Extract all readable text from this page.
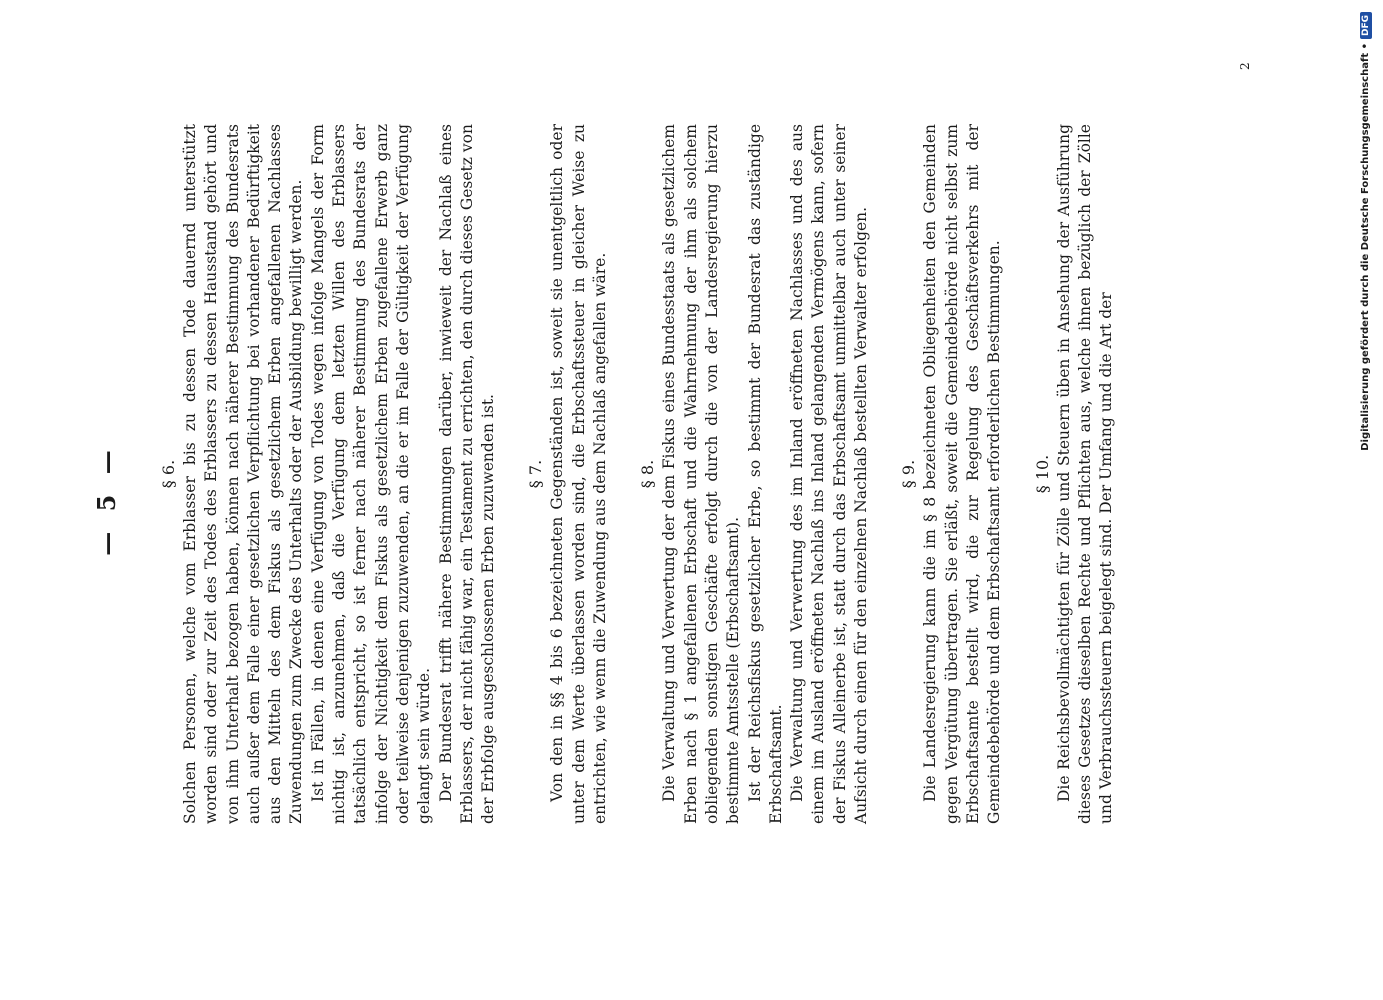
— 5 — § 6. Solchen Personen, welche vom Erblasser bis zu dessen Tode dauernd unterstützt worden sind oder zur Zeit des Todes des Erblassers zu dessen Hausstand gehört und von ihm Unterhalt bezogen haben, können nach näherer Bestimmung des Bundesrats auch außer dem Falle einer gesetzlichen Verpflichtung bei vorhandener Bedürftigkeit aus den Mitteln des dem Fiskus als gesetzlichem Erben angefallenen Nachlasses Zuwendungen zum Zwecke des Unterhalts oder der Ausbildung bewilligt werden. Ist in Fällen, in denen eine Verfügung von Todes wegen infolge Mangels der Form nichtig ist, anzunehmen, daß die Verfügung dem letzten Willen des Erblassers tatsächlich entspricht, so ist ferner nach näherer Bestimmung des Bundesrats der infolge der Nichtigkeit dem Fiskus als gesetzlichem Erben zugefallene Erwerb ganz oder teilweise denjenigen zuzuwenden, an die er im Falle der Gültigkeit der Verfügung gelangt sein würde. Der Bundesrat trifft nähere Bestimmungen darüber, inwieweit der Nachlaß eines Erblassers, der nicht fähig war, ein Testament zu errichten, den durch dieses Gesetz von der Erbfolge ausgeschlossenen Erben zuzuwenden ist. § 7. Von den in §§ 4 bis 6 bezeichneten Gegenständen ist, soweit sie unentgeltlich oder unter dem Werte überlassen worden sind, die Erbschaftssteuer in gleicher Weise zu entrichten, wie wenn die Zuwendung aus dem Nachlaß angefallen wäre. § 8. Die Verwaltung und Verwertung der dem Fiskus eines Bundesstaats als gesetzlichem Erben nach § 1 angefallenen Erbschaft und die Wahrnehmung der ihm als solchem obliegenden sonstigen Geschäfte erfolgt durch die von der Landesregierung hierzu bestimmte Amtsstelle (Erbschaftsamt). Ist der Reichsfiskus gesetzlicher Erbe, so bestimmt der Bundesrat das zuständige Erbschaftsamt. Die Verwaltung und Verwertung des im Inland eröffneten Nachlasses und des aus einem im Ausland eröffneten Nachlaß ins Inland gelangenden Vermögens kann, sofern der Fiskus Alleinerbe ist, statt durch das Erbschaftsamt unmittelbar auch unter seiner Aufsicht durch einen für den einzelnen Nachlaß bestellten Verwalter erfolgen. § 9. Die Landesregierung kann die im § 8 bezeichneten Obliegenheiten den Gemeinden gegen Vergütung übertragen. Sie erläßt, soweit die Gemeindebehörde nicht selbst zum Erbschaftsamte bestellt wird, die zur Regelung des Geschäftsverkehrs mit der Gemeindebehörde und dem Erbschaftsamt erforderlichen Bestimmungen. § 10. Die Reichsbevollmächtigten für Zölle und Steuern üben in Ansehung der Ausführung dieses Gesetzes dieselben Rechte und Pflichten aus, welche ihnen bezüglich der Zölle und Verbrauchssteuern beigelegt sind. Der Umfang und die Art der

2	Digitalisierung gefördert durch die Deutsche Forschungsgemeinschaft •DFG
